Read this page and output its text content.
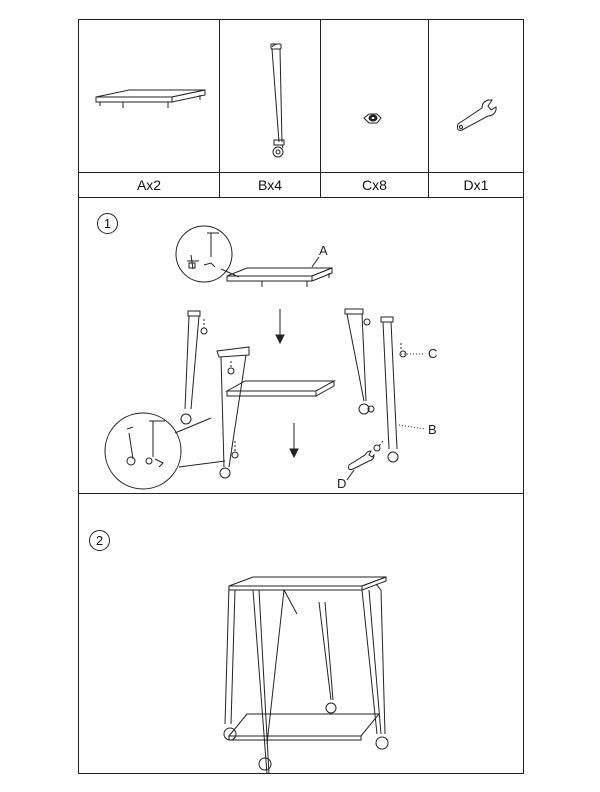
Ax2	Bx4	Cx8	Dx1
1
A
C
B
D
2
